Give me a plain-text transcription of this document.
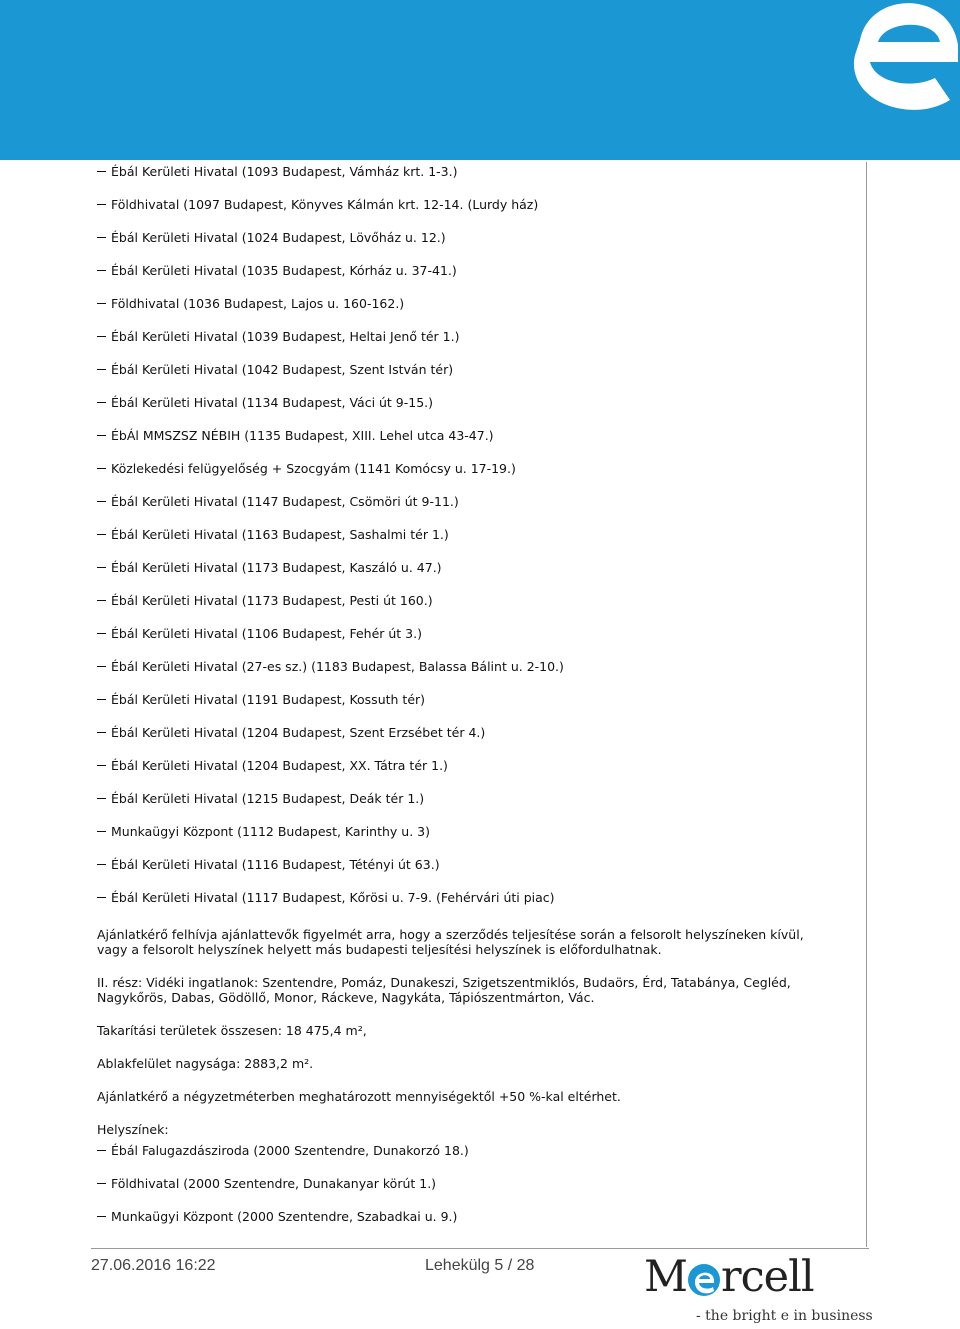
Ébál Kerületi Hivatal (1093 Budapest, Vámház krt. 1-3.)
Földhivatal (1097 Budapest, Könyves Kálmán krt. 12-14. (Lurdy ház)
Ébál Kerületi Hivatal (1024 Budapest, Lövőház u. 12.)
Ébál Kerületi Hivatal (1035 Budapest, Kórház u. 37-41.)
Földhivatal (1036 Budapest, Lajos u. 160-162.)
Ébál Kerületi Hivatal (1039 Budapest, Heltai Jenő tér 1.)
Ébál Kerületi Hivatal (1042 Budapest, Szent István tér)
Ébál Kerületi Hivatal (1134 Budapest, Váci út 9-15.)
ÉbÁl MMSZSZ NÉBIH (1135 Budapest, XIII. Lehel utca 43-47.)
Közlekedési felügyelőség + Szocgyám (1141 Komócsy u. 17-19.)
Ébál Kerületi Hivatal (1147 Budapest, Csömöri út 9-11.)
Ébál Kerületi Hivatal (1163 Budapest, Sashalmi tér 1.)
Ébál Kerületi Hivatal (1173 Budapest, Kaszáló u. 47.)
Ébál Kerületi Hivatal (1173 Budapest, Pesti út 160.)
Ébál Kerületi Hivatal (1106 Budapest, Fehér út 3.)
Ébál Kerületi Hivatal (27-es sz.) (1183 Budapest, Balassa Bálint u. 2-10.)
Ébál Kerületi Hivatal (1191 Budapest, Kossuth tér)
Ébál Kerületi Hivatal (1204 Budapest, Szent Erzsébet tér 4.)
Ébál Kerületi Hivatal (1204 Budapest, XX. Tátra tér 1.)
Ébál Kerületi Hivatal (1215 Budapest, Deák tér 1.)
Munkaügyi Központ (1112 Budapest, Karinthy u. 3)
Ébál Kerületi Hivatal (1116 Budapest, Tétényi út 63.)
Ébál Kerületi Hivatal (1117 Budapest, Kőrösi u. 7-9. (Fehérvári úti piac)

Ajánlatkérő felhívja ajánlattevők figyelmét arra, hogy a szerződés teljesítése során a felsorolt helyszíneken kívül, vagy a felsorolt helyszínek helyett más budapesti teljesítési helyszínek is előfordulhatnak.

II. rész: Vidéki ingatlanok: Szentendre, Pomáz, Dunakeszi, Szigetszentmiklós, Budaörs, Érd, Tatabánya, Cegléd, Nagykőrös, Dabas, Gödöllő, Monor, Ráckeve, Nagykáta, Tápiószentmárton, Vác.

Takarítási területek összesen: 18 475,4 m²,

Ablakfelület nagysága: 2883,2 m².

Ajánlatkérő a négyzetméterben meghatározott mennyiségektől +50 %-kal eltérhet.

Helyszínek:

Ébál Falugazdásziroda (2000 Szentendre, Dunakorzó 18.)
Földhivatal (2000 Szentendre, Dunakanyar körút 1.)
Munkaügyi Központ (2000 Szentendre, Szabadkai u. 9.)
27.06.2016 16:22	Lehekülg 5 / 28	M rcell
- the bright e in business
